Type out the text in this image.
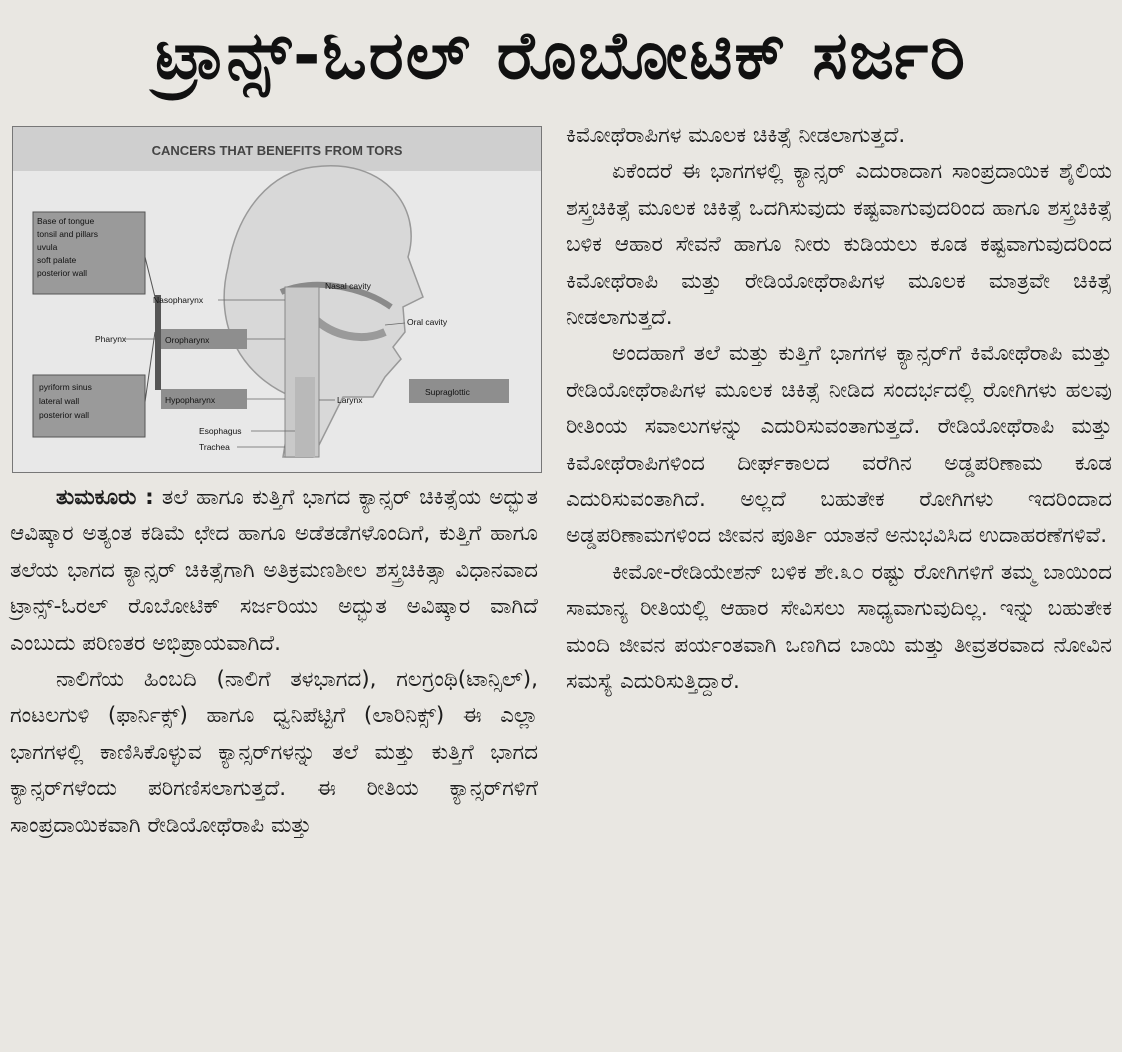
ಟ್ರಾನ್ಸ್-ಓರಲ್ ರೊಬೋಟಿಕ್ ಸರ್ಜರಿ
CANCERS THAT BENEFITS FROM TORS
Base of tongue tonsil and pillars uvula soft palate posterior wall
pyriform sinus lateral wall posterior wall
Nasopharynx
Pharynx	Oropharynx
Hypopharynx
Esophagus
Trachea
Nasal cavity
Oral cavity
Supraglottic
Larynx

ತುಮಕೂರು : ತಲೆ ಹಾಗೂ ಕುತ್ತಿಗೆ ಭಾಗದ ಕ್ಯಾನ್ಸರ್ ಚಿಕಿತ್ಸೆಯ ಅದ್ಭುತ ಆವಿಷ್ಕಾರ ಅತ್ಯಂತ ಕಡಿಮೆ ಛೇದ ಹಾಗೂ ಅಡೆತಡೆಗಳೊಂದಿಗೆ, ಕುತ್ತಿಗೆ ಹಾಗೂ ತಲೆಯ ಭಾಗದ ಕ್ಯಾನ್ಸರ್ ಚಿಕಿತ್ಸೆಗಾಗಿ ಅತಿಕ್ರಮಣಶೀಲ ಶಸ್ತ್ರಚಿಕಿತ್ಸಾ ವಿಧಾನವಾದ ಟ್ರಾನ್ಸ್-ಓರಲ್ ರೊಬೋಟಿಕ್ ಸರ್ಜರಿಯು ಅದ್ಭುತ ಅವಿಷ್ಕಾರ ವಾಗಿದೆ ಎಂಬುದು ಪರಿಣತರ ಅಭಿಪ್ರಾಯವಾಗಿದೆ.

ನಾಲಿಗೆಯ ಹಿಂಬದಿ (ನಾಲಿಗೆ ತಳಭಾಗದ), ಗಲಗ್ರಂಥಿ(ಟಾನ್ಸಿಲ್), ಗಂಟಲಗುಳಿ (ಫಾರ್ನಿಕ್ಸ್) ಹಾಗೂ ಧ್ವನಿಪೆಟ್ಟಿಗೆ (ಲಾರಿನಿಕ್ಸ್) ಈ ಎಲ್ಲಾ ಭಾಗಗಳಲ್ಲಿ ಕಾಣಿಸಿಕೊಳ್ಳುವ ಕ್ಯಾನ್ಸರ್‌ಗಳನ್ನು ತಲೆ ಮತ್ತು ಕುತ್ತಿಗೆ ಭಾಗದ ಕ್ಯಾನ್ಸರ್‌ಗಳೆಂದು ಪರಿಗಣಿಸಲಾಗುತ್ತದೆ. ಈ ರೀತಿಯ ಕ್ಯಾನ್ಸರ್‌ಗಳಿಗೆ ಸಾಂಪ್ರದಾಯಿಕವಾಗಿ ರೇಡಿಯೋಥೆರಾಪಿ ಮತ್ತು

ಕಿಮೋಥೆರಾಪಿಗಳ ಮೂಲಕ ಚಿಕಿತ್ಸೆ ನೀಡಲಾಗುತ್ತದೆ.

ಏಕೆಂದರೆ ಈ ಭಾಗಗಳಲ್ಲಿ ಕ್ಯಾನ್ಸರ್ ಎದುರಾದಾಗ ಸಾಂಪ್ರದಾಯಿಕ ಶೈಲಿಯ ಶಸ್ತ್ರಚಿಕಿತ್ಸೆ ಮೂಲಕ ಚಿಕಿತ್ಸೆ ಒದಗಿಸುವುದು ಕಷ್ಟವಾಗುವುದರಿಂದ ಹಾಗೂ ಶಸ್ತ್ರಚಿಕಿತ್ಸೆ ಬಳಿಕ ಆಹಾರ ಸೇವನೆ ಹಾಗೂ ನೀರು ಕುಡಿಯಲು ಕೂಡ ಕಷ್ಟವಾಗುವುದರಿಂದ ಕಿಮೋಥೆರಾಪಿ ಮತ್ತು ರೇಡಿಯೋಥೆರಾಪಿಗಳ ಮೂಲಕ ಮಾತ್ರವೇ ಚಿಕಿತ್ಸೆ ನೀಡಲಾಗುತ್ತದೆ.

ಅಂದಹಾಗೆ ತಲೆ ಮತ್ತು ಕುತ್ತಿಗೆ ಭಾಗಗಳ ಕ್ಯಾನ್ಸರ್‌ಗೆ ಕಿಮೋಥೆರಾಪಿ ಮತ್ತು ರೇಡಿಯೋಥೆರಾಪಿಗಳ ಮೂಲಕ ಚಿಕಿತ್ಸೆ ನೀಡಿದ ಸಂದರ್ಭದಲ್ಲಿ ರೋಗಿಗಳು ಹಲವು ರೀತಿಂಯ ಸವಾಲುಗಳನ್ನು ಎದುರಿಸುವಂತಾಗುತ್ತದೆ. ರೇಡಿಯೋಥೆರಾಪಿ ಮತ್ತು ಕಿಮೋಥೆರಾಪಿಗಳಿಂದ ದೀರ್ಘಕಾಲದ ವರೆಗಿನ ಅಡ್ಡಪರಿಣಾಮ ಕೂಡ ಎದುರಿಸುವಂತಾಗಿದೆ. ಅಲ್ಲದೆ ಬಹುತೇಕ ರೋಗಿಗಳು ಇದರಿಂದಾದ ಅಡ್ಡಪರಿಣಾಮಗಳಿಂದ ಜೀವನ ಪೂರ್ತಿ ಯಾತನೆ ಅನುಭವಿಸಿದ ಉದಾಹರಣೆಗಳಿವೆ.

ಕೀಮೋ-ರೇಡಿಯೇಶನ್ ಬಳಿಕ ಶೇ.೩೦ ರಷ್ಟು ರೋಗಿಗಳಿಗೆ ತಮ್ಮ ಬಾಯಿಂದ ಸಾಮಾನ್ಯ ರೀತಿಯಲ್ಲಿ ಆಹಾರ ಸೇವಿಸಲು ಸಾಧ್ಯವಾಗುವುದಿಲ್ಲ. ಇನ್ನು ಬಹುತೇಕ ಮಂದಿ ಜೀವನ ಪರ್ಯಂತವಾಗಿ ಒಣಗಿದ ಬಾಯಿ ಮತ್ತು ತೀವ್ರತರವಾದ ನೋವಿನ ಸಮಸ್ಯೆ ಎದುರಿಸುತ್ತಿದ್ದಾರೆ.
